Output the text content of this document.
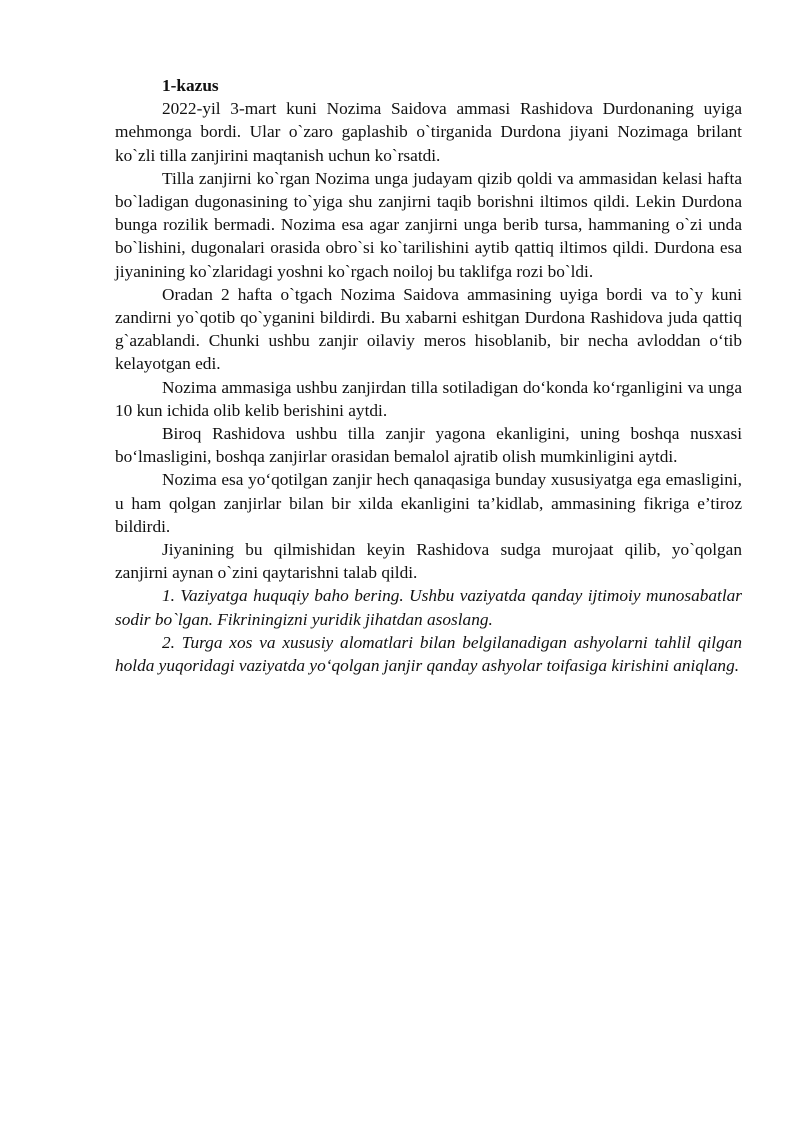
1-kazus

2022-yil 3-mart kuni Nozima Saidova ammasi Rashidova Durdonaning uyiga mehmonga bordi. Ular o`zaro gaplashib o`tirganida Durdona jiyani Nozimaga brilant ko`zli tilla zanjirini maqtanish uchun ko`rsatdi.

Tilla zanjirni ko`rgan Nozima unga judayam qizib qoldi va ammasidan kelasi hafta bo`ladigan dugonasining to`yiga shu zanjirni taqib borishni iltimos qildi. Lekin Durdona bunga rozilik bermadi. Nozima esa agar zanjirni unga berib tursa, hammaning o`zi unda bo`lishini, dugonalari orasida obro`si ko`tarilishini aytib qattiq iltimos qildi. Durdona esa jiyanining ko`zlaridagi yoshni ko`rgach noiloj bu taklifga rozi bo`ldi.

Oradan 2 hafta o`tgach Nozima Saidova ammasining uyiga bordi va to`y kuni zandirni yo`qotib qo`yganini bildirdi. Bu xabarni eshitgan Durdona Rashidova juda qattiq g`azablandi. Chunki ushbu zanjir oilaviy meros hisoblanib, bir necha avloddan o‘tib kelayotgan edi.

Nozima ammasiga ushbu zanjirdan tilla sotiladigan do‘konda ko‘rganligini va unga 10 kun ichida olib kelib berishini aytdi.

Biroq Rashidova ushbu tilla zanjir yagona ekanligini, uning boshqa nusxasi bo‘lmasligini, boshqa zanjirlar orasidan bemalol ajratib olish mumkinligini aytdi.

Nozima esa yo‘qotilgan zanjir hech qanaqasiga bunday xususiyatga ega emasligini, u ham qolgan zanjirlar bilan bir xilda ekanligini ta’kidlab, ammasining fikriga e’tiroz bildirdi.

Jiyanining bu qilmishidan keyin Rashidova sudga murojaat qilib, yo`qolgan zanjirni aynan o`zini qaytarishni talab qildi.

1. Vaziyatga huquqiy baho bering. Ushbu vaziyatda qanday ijtimoiy munosabatlar sodir bo`lgan. Fikriningizni yuridik jihatdan asoslang.

2. Turga xos va xususiy alomatlari bilan belgilanadigan ashyolarni tahlil qilgan holda yuqoridagi vaziyatda yo‘qolgan janjir qanday ashyolar toifasiga kirishini aniqlang.
